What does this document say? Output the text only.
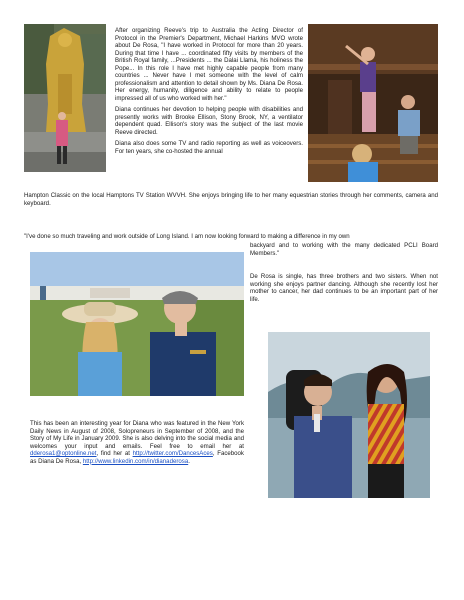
After organizing Reeve's trip to Australia the Acting Director of Protocol in the Premier's Department, Michael Harkins MVO wrote about De Rosa, "I have worked in Protocol for more than 20 years. During that time I have ... coordinated fifty visits by members of the British Royal family, ...Presidents ... the Dalai Llama, his holiness the Pope... In this role I have met highly capable people from many countries ... Never have I met someone with the level of calm professionalism and attention to detail shown by Ms. Diana De Rosa. Her energy, humanity, diligence and ability to relate to people impressed all of us who worked with her."

Diana continues her devotion to helping people with disabilities and presently works with Brooke Ellison, Stony Brook, NY, a ventilator dependent quad. Ellison's story was the subject of the last movie Reeve directed.

Diana also does some TV and radio reporting as well as voiceovers. For ten years, she co-hosted the annual

Hampton Classic on the local Hamptons TV Station WVVH. She enjoys bringing life to her many equestrian stories through her comments, camera and keyboard.

"I've done so much traveling and work outside of Long Island. I am now looking forward to making a difference in my own

backyard and to working with the many dedicated PCLI Board Members."

De Rosa is single, has three brothers and two sisters. When not working she enjoys partner dancing. Although she recently lost her mother to cancer, her dad continues to be an important part of her life.

This has been an interesting year for Diana who was featured in the New York Daily News in August of 2008, Solopreneurs in September of 2008, and the Story of My Life in January 2009. She is also delving into the social media and welcomes your input and emails. Feel free to email her at dderosa1@optonline.net, find her at http://twitter.com/DancesAces, Facebook as Diana De Rosa, http://www.linkedin.com/in/dianaderosa.
